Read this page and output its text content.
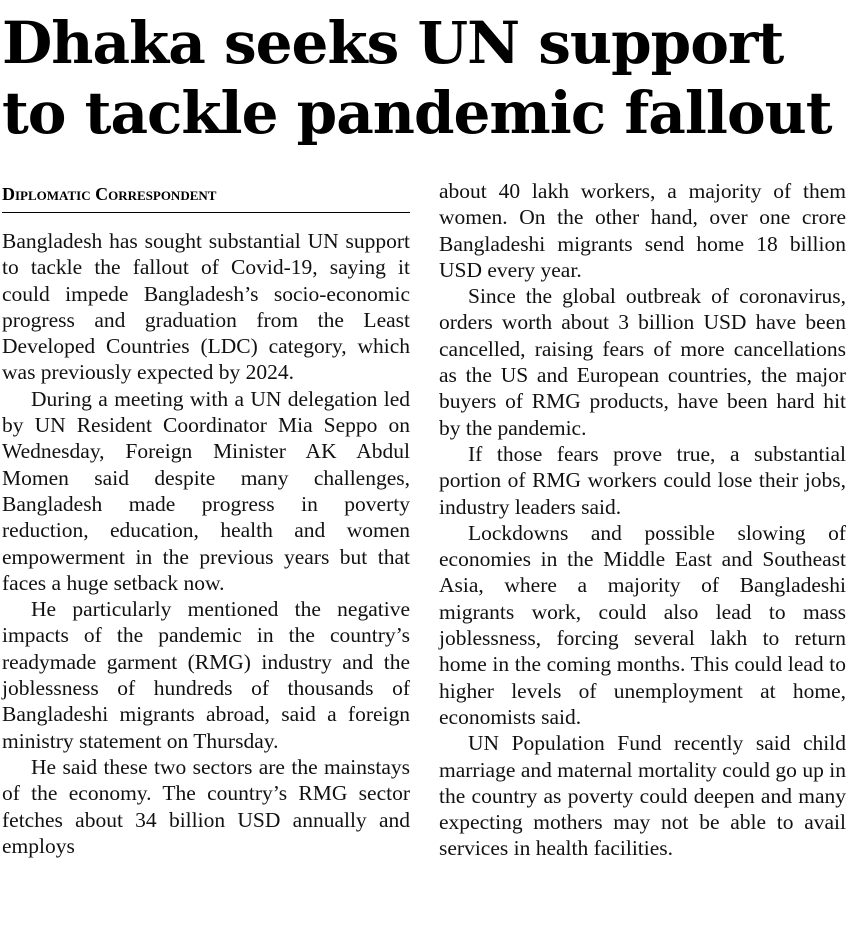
Dhaka seeks UN support
to tackle pandemic fallout
Diplomatic Correspondent

Bangladesh has sought substantial UN support to tackle the fallout of Covid-19, saying it could impede Bangladesh’s socio-economic progress and graduation from the Least Developed Countries (LDC) category, which was previously expected by 2024.

During a meeting with a UN delegation led by UN Resident Coordinator Mia Seppo on Wednesday, Foreign Minister AK Abdul Momen said despite many challenges, Bangladesh made progress in poverty reduction, education, health and women empowerment in the previous years but that faces a huge setback now.

He particularly mentioned the negative impacts of the pandemic in the country’s readymade garment (RMG) industry and the joblessness of hundreds of thousands of Bangladeshi migrants abroad, said a foreign ministry statement on Thursday.

He said these two sectors are the mainstays of the economy. The country’s RMG sector fetches about 34 billion USD annually and employs

about 40 lakh workers, a majority of them women. On the other hand, over one crore Bangladeshi migrants send home 18 billion USD every year.

Since the global outbreak of coronavirus, orders worth about 3 billion USD have been cancelled, raising fears of more cancellations as the US and European countries, the major buyers of RMG products, have been hard hit by the pandemic.

If those fears prove true, a substantial portion of RMG workers could lose their jobs, industry leaders said.

Lockdowns and possible slowing of economies in the Middle East and Southeast Asia, where a majority of Bangladeshi migrants work, could also lead to mass joblessness, forcing several lakh to return home in the coming months. This could lead to higher levels of unemployment at home, economists said.

UN Population Fund recently said child marriage and maternal mortality could go up in the country as poverty could deepen and many expecting mothers may not be able to avail services in health facilities.
